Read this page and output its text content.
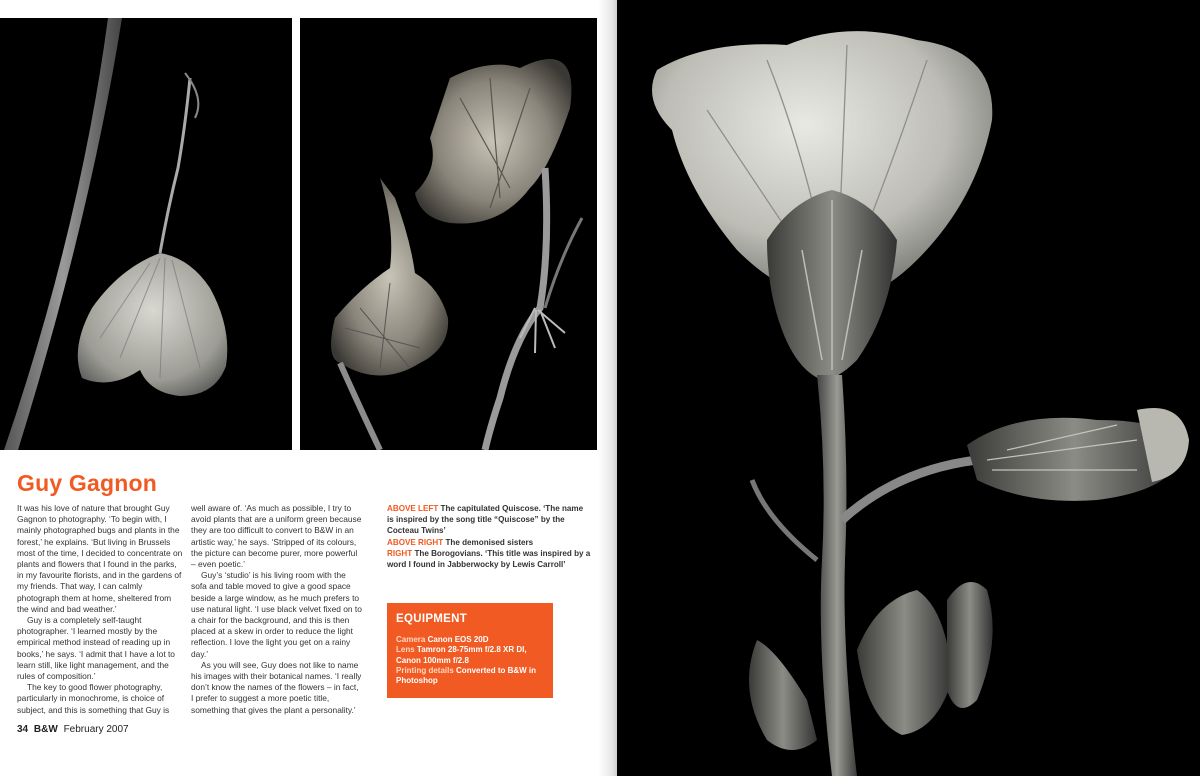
Guy Gagnon

It was his love of nature that brought Guy Gagnon to photography. ‘To begin with, I mainly photographed bugs and plants in the forest,’ he explains. ‘But living in Brussels most of the time, I decided to concentrate on plants and flowers that I found in the parks, in my favourite florists, and in the gardens of my friends. That way, I can calmly photograph them at home, sheltered from the wind and bad weather.’

Guy is a completely self-taught photographer. ‘I learned mostly by the empirical method instead of reading up in books,’ he says. ‘I admit that I have a lot to learn still, like light management, and the rules of composition.’

The key to good flower photography, particularly in monochrome, is choice of subject, and this is something that Guy is

well aware of. ‘As much as possible, I try to avoid plants that are a uniform green because they are too difficult to convert to B&W in an artistic way,’ he says. ‘Stripped of its colours, the picture can become purer, more powerful – even poetic.’

Guy’s ‘studio’ is his living room with the sofa and table moved to give a good space beside a large window, as he much prefers to use natural light. ‘I use black velvet fixed on to a chair for the background, and this is then placed at a skew in order to reduce the light reflection. I love the light you get on a rainy day.’

As you will see, Guy does not like to name his images with their botanical names. ‘I really don’t know the names of the flowers – in fact, I prefer to suggest a more poetic title, something that gives the plant a personality.’

ABOVE LEFT The capitulated Quiscose. ‘The name is inspired by the song title “Quiscose” by the Cocteau Twins’
ABOVE RIGHT The demonised sisters
RIGHT The Borogovians. ‘This title was inspired by a word I found in Jabberwocky by Lewis Carroll’
EQUIPMENT
Camera Canon EOS 20D
Lens Tamron 28-75mm f/2.8 XR DI, Canon 100mm f/2.8
Printing details Converted to B&W in Photoshop
34 B&W February 2007
